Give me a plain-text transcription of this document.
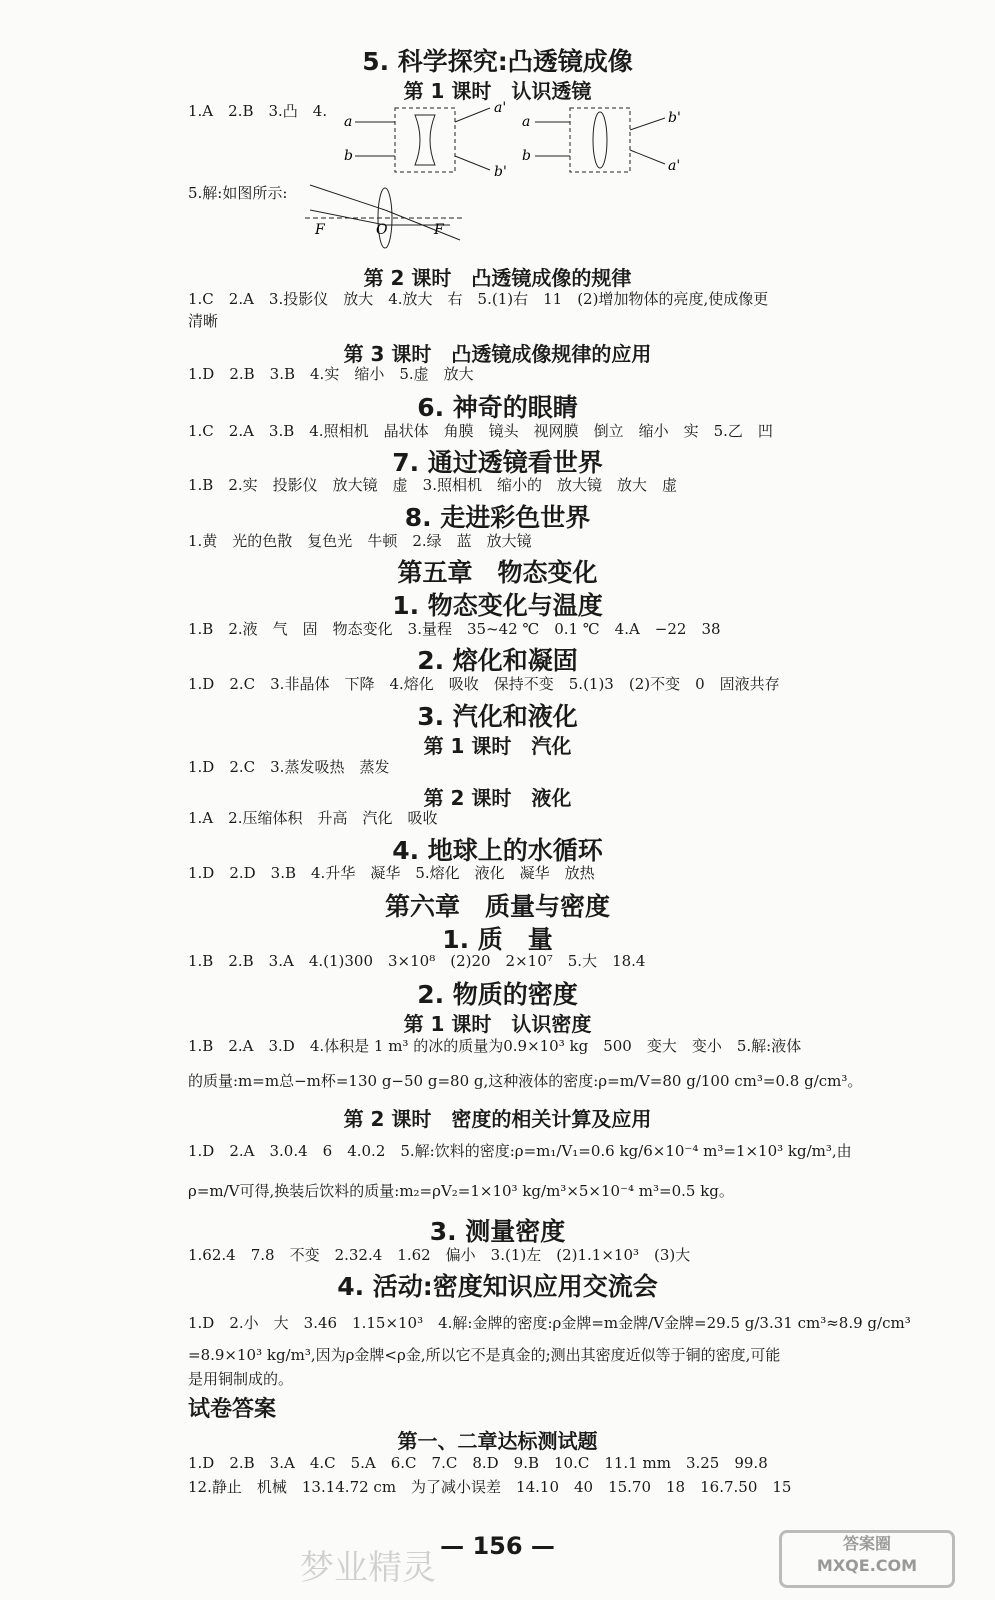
5. 科学探究:凸透镜成像
第 1 课时　认识透镜
1.A　2.B　3.凸　4.
a
b
a'
b'
a
b
b'
a'
5.解:如图所示:
F	F
O
第 2 课时　凸透镜成像的规律
1.C　2.A　3.投影仪　放大　4.放大　右　5.(1)右　11　(2)增加物体的亮度,使成像更
清晰
第 3 课时　凸透镜成像规律的应用
1.D　2.B　3.B　4.实　缩小　5.虚　放大
6. 神奇的眼睛
1.C　2.A　3.B　4.照相机　晶状体　角膜　镜头　视网膜　倒立　缩小　实　5.乙　凹
7. 通过透镜看世界
1.B　2.实　投影仪　放大镜　虚　3.照相机　缩小的　放大镜　放大　虚
8. 走进彩色世界
1.黄　光的色散　复色光　牛顿　2.绿　蓝　放大镜
第五章　物态变化
1. 物态变化与温度
1.B　2.液　气　固　物态变化　3.量程　35~42 ℃　0.1 ℃　4.A　−22　38
2. 熔化和凝固
1.D　2.C　3.非晶体　下降　4.熔化　吸收　保持不变　5.(1)3　(2)不变　0　固液共存
3. 汽化和液化
第 1 课时　汽化
1.D　2.C　3.蒸发吸热　蒸发
第 2 课时　液化
1.A　2.压缩体积　升高　汽化　吸收
4. 地球上的水循环
1.D　2.D　3.B　4.升华　凝华　5.熔化　液化　凝华　放热
第六章　质量与密度
1. 质　量
1.B　2.B　3.A　4.(1)300　3×10⁸　(2)20　2×10⁷　5.大　18.4
2. 物质的密度
第 1 课时　认识密度
1.B　2.A　3.D　4.体积是 1 m³ 的冰的质量为0.9×10³ kg　500　变大　变小　5.解:液体
的质量:m=m总−m杯=130 g−50 g=80 g,这种液体的密度:ρ=m/V=80 g/100 cm³=0.8 g/cm³。
第 2 课时　密度的相关计算及应用
1.D　2.A　3.0.4　6　4.0.2　5.解:饮料的密度:ρ=m₁/V₁=0.6 kg/6×10⁻⁴ m³=1×10³ kg/m³,由
ρ=m/V可得,换装后饮料的质量:m₂=ρV₂=1×10³ kg/m³×5×10⁻⁴ m³=0.5 kg。
3. 测量密度
1.62.4　7.8　不变　2.32.4　1.62　偏小　3.(1)左　(2)1.1×10³　(3)大
4. 活动:密度知识应用交流会
1.D　2.小　大　3.46　1.15×10³　4.解:金牌的密度:ρ金牌=m金牌/V金牌=29.5 g/3.31 cm³≈8.9 g/cm³
=8.9×10³ kg/m³,因为ρ金牌<ρ金,所以它不是真金的;测出其密度近似等于铜的密度,可能
是用铜制成的。
试卷答案
第一、二章达标测试题
1.D　2.B　3.A　4.C　5.A　6.C　7.C　8.D　9.B　10.C　11.1 mm　3.25　99.8
12.静止　机械　13.14.72 cm　为了减小误差　14.10　40　15.70　18　16.7.50　15
— 156 —
梦业精灵
答案圈
MXQE.COM
